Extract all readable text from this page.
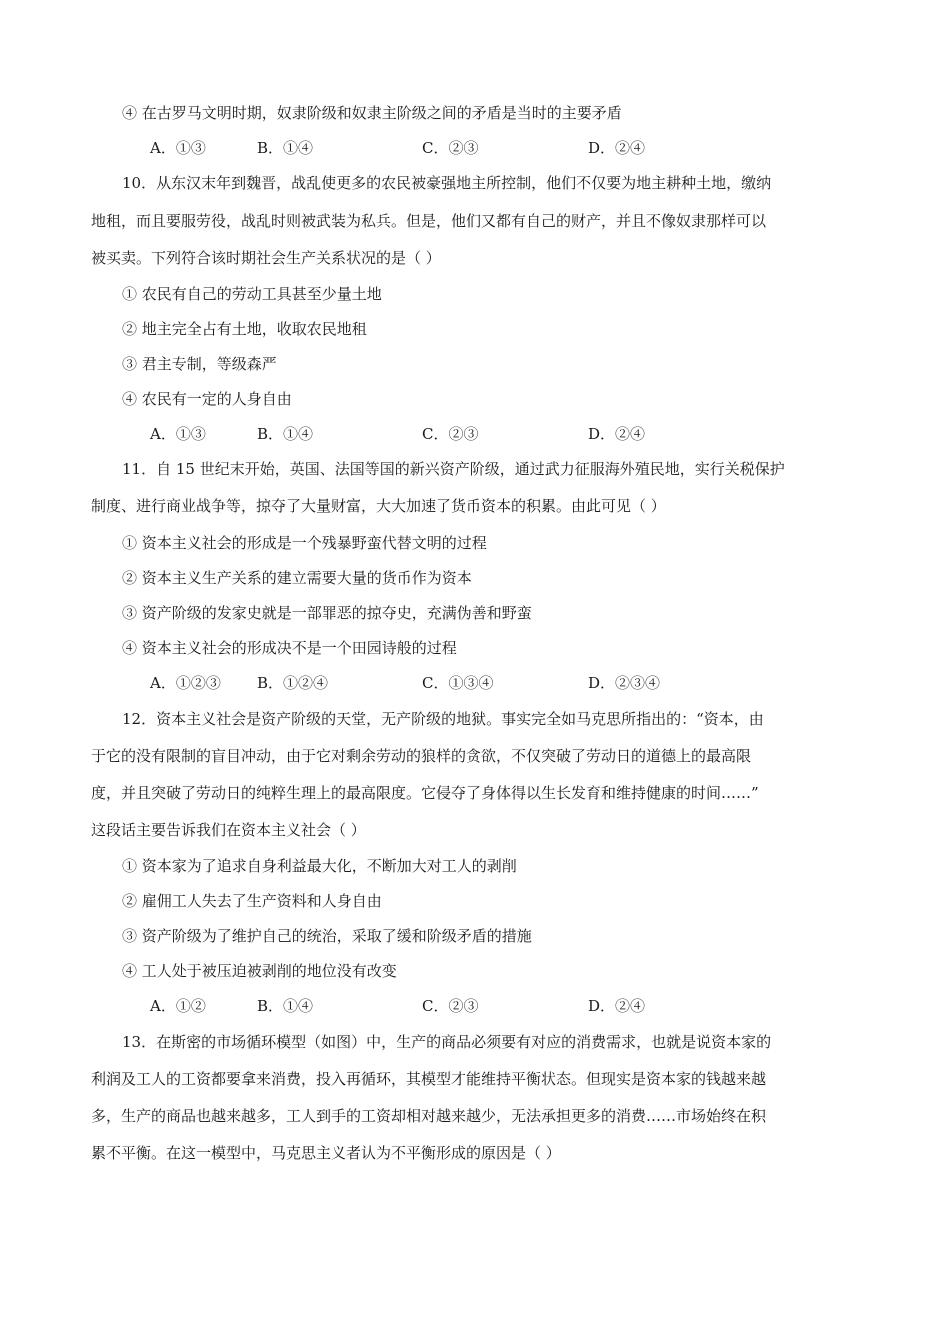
④ 在古罗马文明时期，奴隶阶级和奴隶主阶级之间的矛盾是当时的主要矛盾
A．①③	B．①④	C．②③	D．②④
10．从东汉末年到魏晋，战乱使更多的农民被豪强地主所控制，他们不仅要为地主耕种土地，缴纳
地租，而且要服劳役，战乱时则被武装为私兵。但是，他们又都有自己的财产，并且不像奴隶那样可以
被买卖。下列符合该时期社会生产关系状况的是（ ）
① 农民有自己的劳动工具甚至少量土地
② 地主完全占有土地，收取农民地租
③ 君主专制，等级森严
④ 农民有一定的人身自由
A．①③	B．①④	C．②③	D．②④
11．自 15 世纪末开始，英国、法国等国的新兴资产阶级，通过武力征服海外殖民地，实行关税保护
制度、进行商业战争等，掠夺了大量财富，大大加速了货币资本的积累。由此可见（ ）
① 资本主义社会的形成是一个残暴野蛮代替文明的过程
② 资本主义生产关系的建立需要大量的货币作为资本
③ 资产阶级的发家史就是一部罪恶的掠夺史，充满伪善和野蛮
④ 资本主义社会的形成决不是一个田园诗般的过程
A．①②③ B．①②④	C．①③④	D．②③④
12．资本主义社会是资产阶级的天堂，无产阶级的地狱。事实完全如马克思所指出的：“资本，由
于它的没有限制的盲目冲动，由于它对剩余劳动的狼样的贪欲，不仅突破了劳动日的道德上的最高限
度，并且突破了劳动日的纯粹生理上的最高限度。它侵夺了身体得以生长发育和维持健康的时间……”
这段话主要告诉我们在资本主义社会（ ）
① 资本家为了追求自身利益最大化，不断加大对工人的剥削
② 雇佣工人失去了生产资料和人身自由
③ 资产阶级为了维护自己的统治，采取了缓和阶级矛盾的措施
④ 工人处于被压迫被剥削的地位没有改变
A．①②	B．①④	C．②③	D．②④
13．在斯密的市场循环模型（如图）中，生产的商品必须要有对应的消费需求，也就是说资本家的
利润及工人的工资都要拿来消费，投入再循环，其模型才能维持平衡状态。但现实是资本家的钱越来越
多，生产的商品也越来越多，工人到手的工资却相对越来越少，无法承担更多的消费……市场始终在积
累不平衡。在这一模型中，马克思主义者认为不平衡形成的原因是（ ）
